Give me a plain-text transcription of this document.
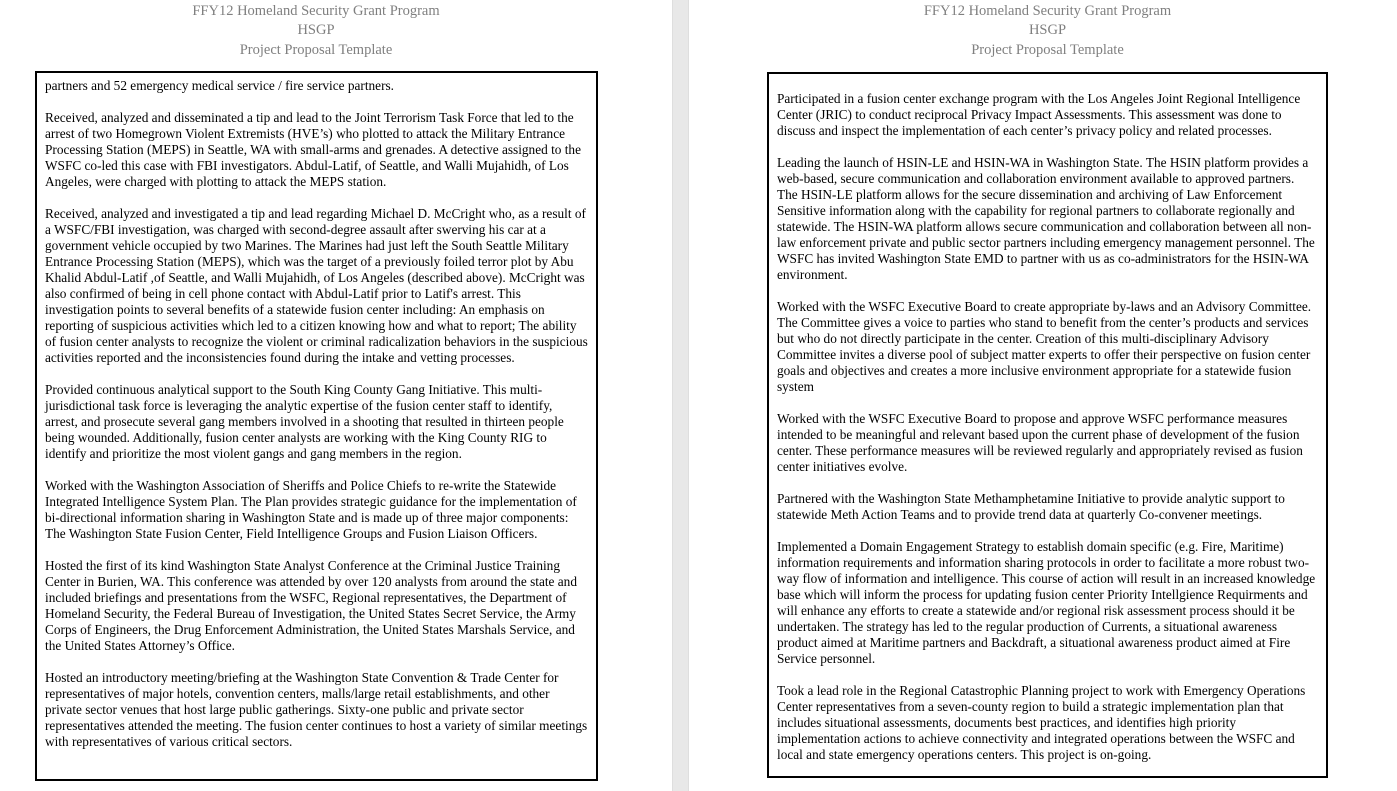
FFY12 Homeland Security Grant Program
HSGP
Project Proposal Template

partners and 52 emergency medical service / fire service partners.

Received, analyzed and disseminated a tip and lead to the Joint Terrorism Task Force that led to the arrest of two Homegrown Violent Extremists (HVE’s) who plotted to attack the Military Entrance Processing Station (MEPS) in Seattle, WA with small-arms and grenades. A detective assigned to the WSFC co-led this case with FBI investigators. Abdul-Latif, of Seattle, and Walli Mujahidh, of Los Angeles, were charged with plotting to attack the MEPS station.

Received, analyzed and investigated a tip and lead regarding Michael D. McCright who, as a result of a WSFC/FBI investigation, was charged with second-degree assault after swerving his car at a government vehicle occupied by two Marines. The Marines had just left the South Seattle Military Entrance Processing Station (MEPS), which was the target of a previously foiled terror plot by Abu Khalid Abdul-Latif ,of Seattle, and Walli Mujahidh, of Los Angeles (described above). McCright was also confirmed of being in cell phone contact with Abdul-Latif prior to Latif's arrest. This investigation points to several benefits of a statewide fusion center including: An emphasis on reporting of suspicious activities which led to a citizen knowing how and what to report; The ability of fusion center analysts to recognize the violent or criminal radicalization behaviors in the suspicious activities reported and the inconsistencies found during the intake and vetting processes.

Provided continuous analytical support to the South King County Gang Initiative. This multi-jurisdictional task force is leveraging the analytic expertise of the fusion center staff to identify, arrest, and prosecute several gang members involved in a shooting that resulted in thirteen people being wounded. Additionally, fusion center analysts are working with the King County RIG to identify and prioritize the most violent gangs and gang members in the region.

Worked with the Washington Association of Sheriffs and Police Chiefs to re-write the Statewide Integrated Intelligence System Plan. The Plan provides strategic guidance for the implementation of bi-directional information sharing in Washington State and is made up of three major components: The Washington State Fusion Center, Field Intelligence Groups and Fusion Liaison Officers.

Hosted the first of its kind Washington State Analyst Conference at the Criminal Justice Training Center in Burien, WA. This conference was attended by over 120 analysts from around the state and included briefings and presentations from the WSFC, Regional representatives, the Department of Homeland Security, the Federal Bureau of Investigation, the United States Secret Service, the Army Corps of Engineers, the Drug Enforcement Administration, the United States Marshals Service, and the United States Attorney’s Office.

Hosted an introductory meeting/briefing at the Washington State Convention & Trade Center for representatives of major hotels, convention centers, malls/large retail establishments, and other private sector venues that host large public gatherings. Sixty-one public and private sector representatives attended the meeting. The fusion center continues to host a variety of similar meetings with representatives of various critical sectors.

FFY12 Homeland Security Grant Program
HSGP
Project Proposal Template

Participated in a fusion center exchange program with the Los Angeles Joint Regional Intelligence Center (JRIC) to conduct reciprocal Privacy Impact Assessments. This assessment was done to discuss and inspect the implementation of each center’s privacy policy and related processes.

Leading the launch of HSIN-LE and HSIN-WA in Washington State. The HSIN platform provides a web-based, secure communication and collaboration environment available to approved partners. The HSIN-LE platform allows for the secure dissemination and archiving of Law Enforcement Sensitive information along with the capability for regional partners to collaborate regionally and statewide. The HSIN-WA platform allows secure communication and collaboration between all non-law enforcement private and public sector partners including emergency management personnel. The WSFC has invited Washington State EMD to partner with us as co-administrators for the HSIN-WA environment.

Worked with the WSFC Executive Board to create appropriate by-laws and an Advisory Committee. The Committee gives a voice to parties who stand to benefit from the center’s products and services but who do not directly participate in the center. Creation of this multi-disciplinary Advisory Committee invites a diverse pool of subject matter experts to offer their perspective on fusion center goals and objectives and creates a more inclusive environment appropriate for a statewide fusion system

Worked with the WSFC Executive Board to propose and approve WSFC performance measures intended to be meaningful and relevant based upon the current phase of development of the fusion center. These performance measures will be reviewed regularly and appropriately revised as fusion center initiatives evolve.

Partnered with the Washington State Methamphetamine Initiative to provide analytic support to statewide Meth Action Teams and to provide trend data at quarterly Co-convener meetings.

Implemented a Domain Engagement Strategy to establish domain specific (e.g. Fire, Maritime) information requirements and information sharing protocols in order to facilitate a more robust two-way flow of information and intelligence. This course of action will result in an increased knowledge base which will inform the process for updating fusion center Priority Intellgience Requirments and will enhance any efforts to create a statewide and/or regional risk assessment process should it be undertaken. The strategy has led to the regular production of Currents, a situational awareness product aimed at Maritime partners and Backdraft, a situational awareness product aimed at Fire Service personnel.

Took a lead role in the Regional Catastrophic Planning project to work with Emergency Operations Center representatives from a seven-county region to build a strategic implementation plan that includes situational assessments, documents best practices, and identifies high priority implementation actions to achieve connectivity and integrated operations between the WSFC and local and state emergency operations centers. This project is on-going.
